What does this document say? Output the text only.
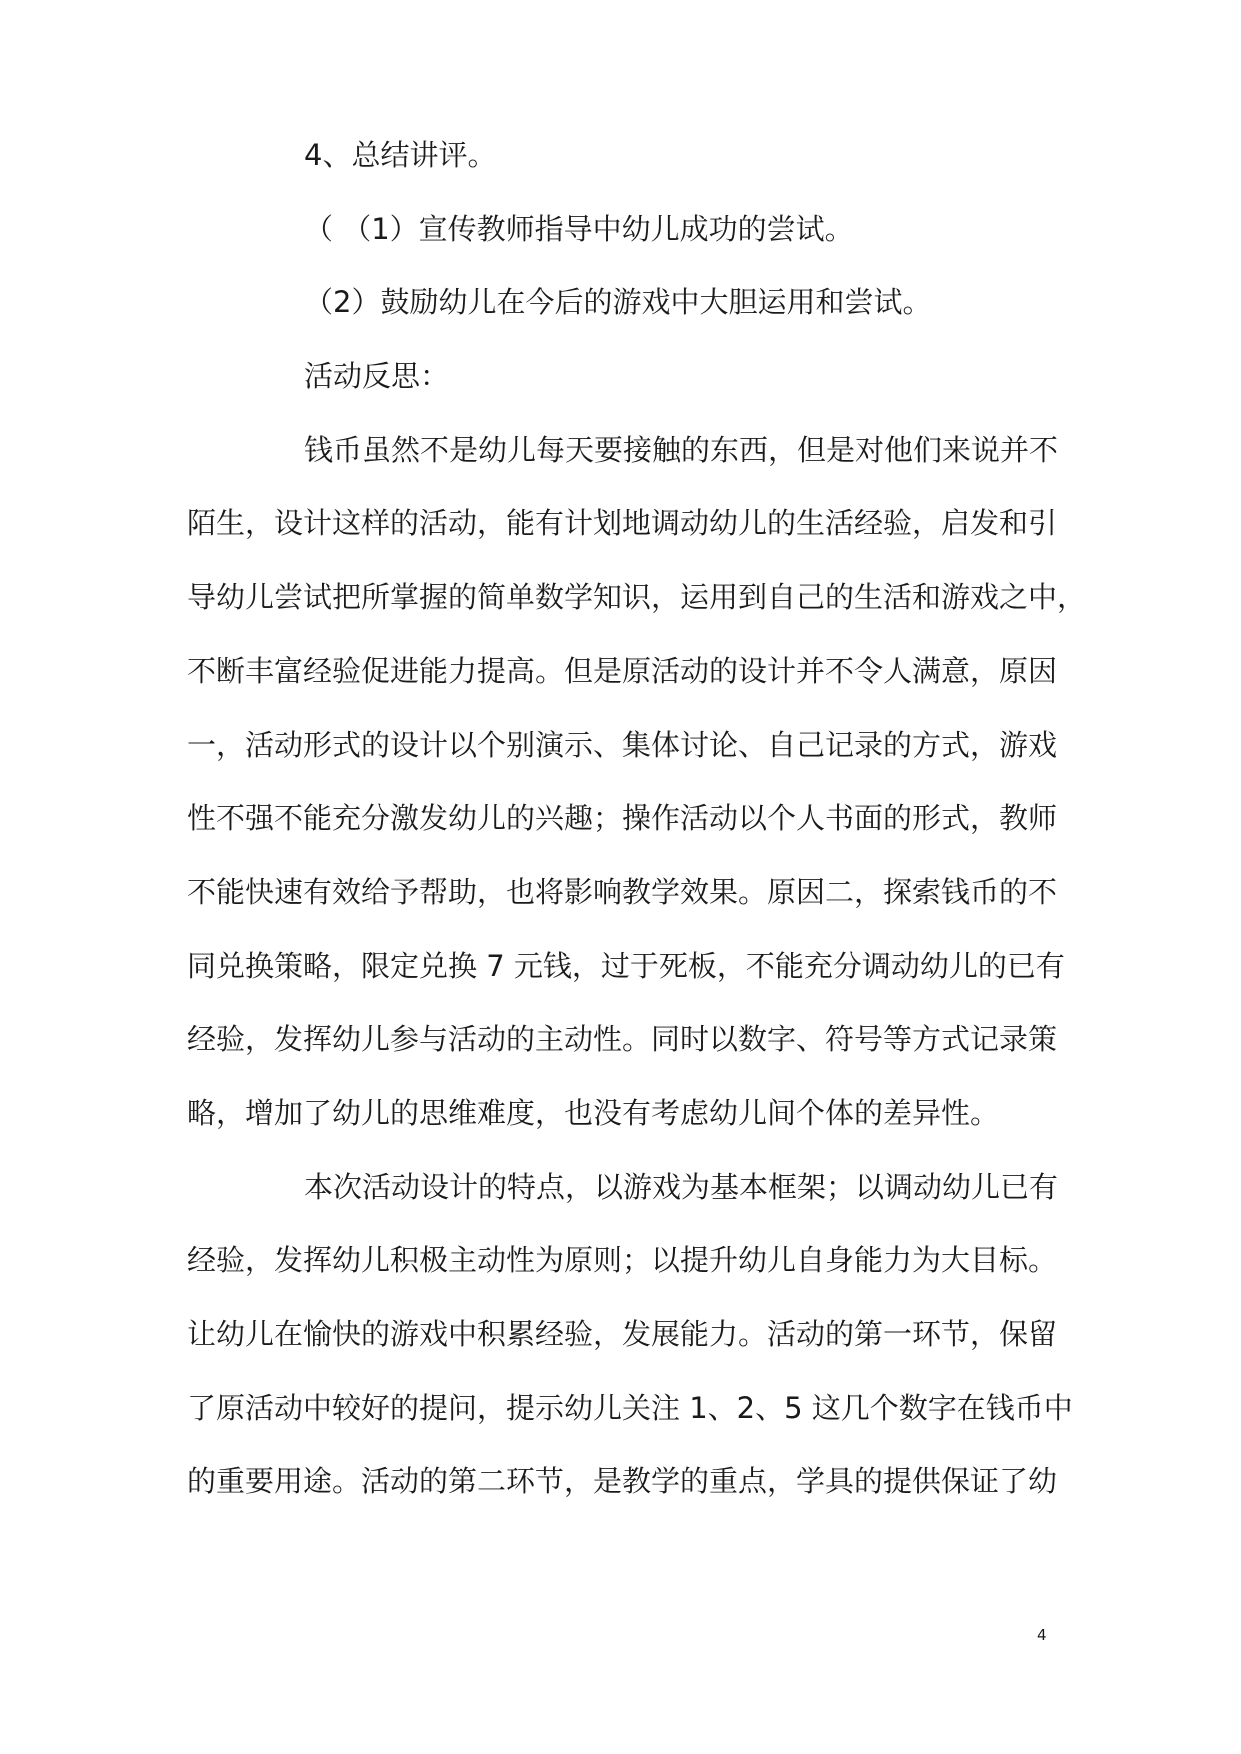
4、总结讲评。
（ （1）宣传教师指导中幼儿成功的尝试。
（2）鼓励幼儿在今后的游戏中大胆运用和尝试。
活动反思：
钱币虽然不是幼儿每天要接触的东西，但是对他们来说并不
陌生，设计这样的活动，能有计划地调动幼儿的生活经验，启发和引
导幼儿尝试把所掌握的简单数学知识，运用到自己的生活和游戏之中，
不断丰富经验促进能力提高。但是原活动的设计并不令人满意，原因
一，活动形式的设计以个别演示、集体讨论、自己记录的方式，游戏
性不强不能充分激发幼儿的兴趣；操作活动以个人书面的形式，教师
不能快速有效给予帮助，也将影响教学效果。原因二，探索钱币的不
同兑换策略，限定兑换 7 元钱，过于死板，不能充分调动幼儿的已有
经验，发挥幼儿参与活动的主动性。同时以数字、符号等方式记录策
略，增加了幼儿的思维难度，也没有考虑幼儿间个体的差异性。
本次活动设计的特点，以游戏为基本框架；以调动幼儿已有
经验，发挥幼儿积极主动性为原则；以提升幼儿自身能力为大目标。
让幼儿在愉快的游戏中积累经验，发展能力。活动的第一环节，保留
了原活动中较好的提问，提示幼儿关注 1、2、5 这几个数字在钱币中
的重要用途。活动的第二环节，是教学的重点，学具的提供保证了幼
4
